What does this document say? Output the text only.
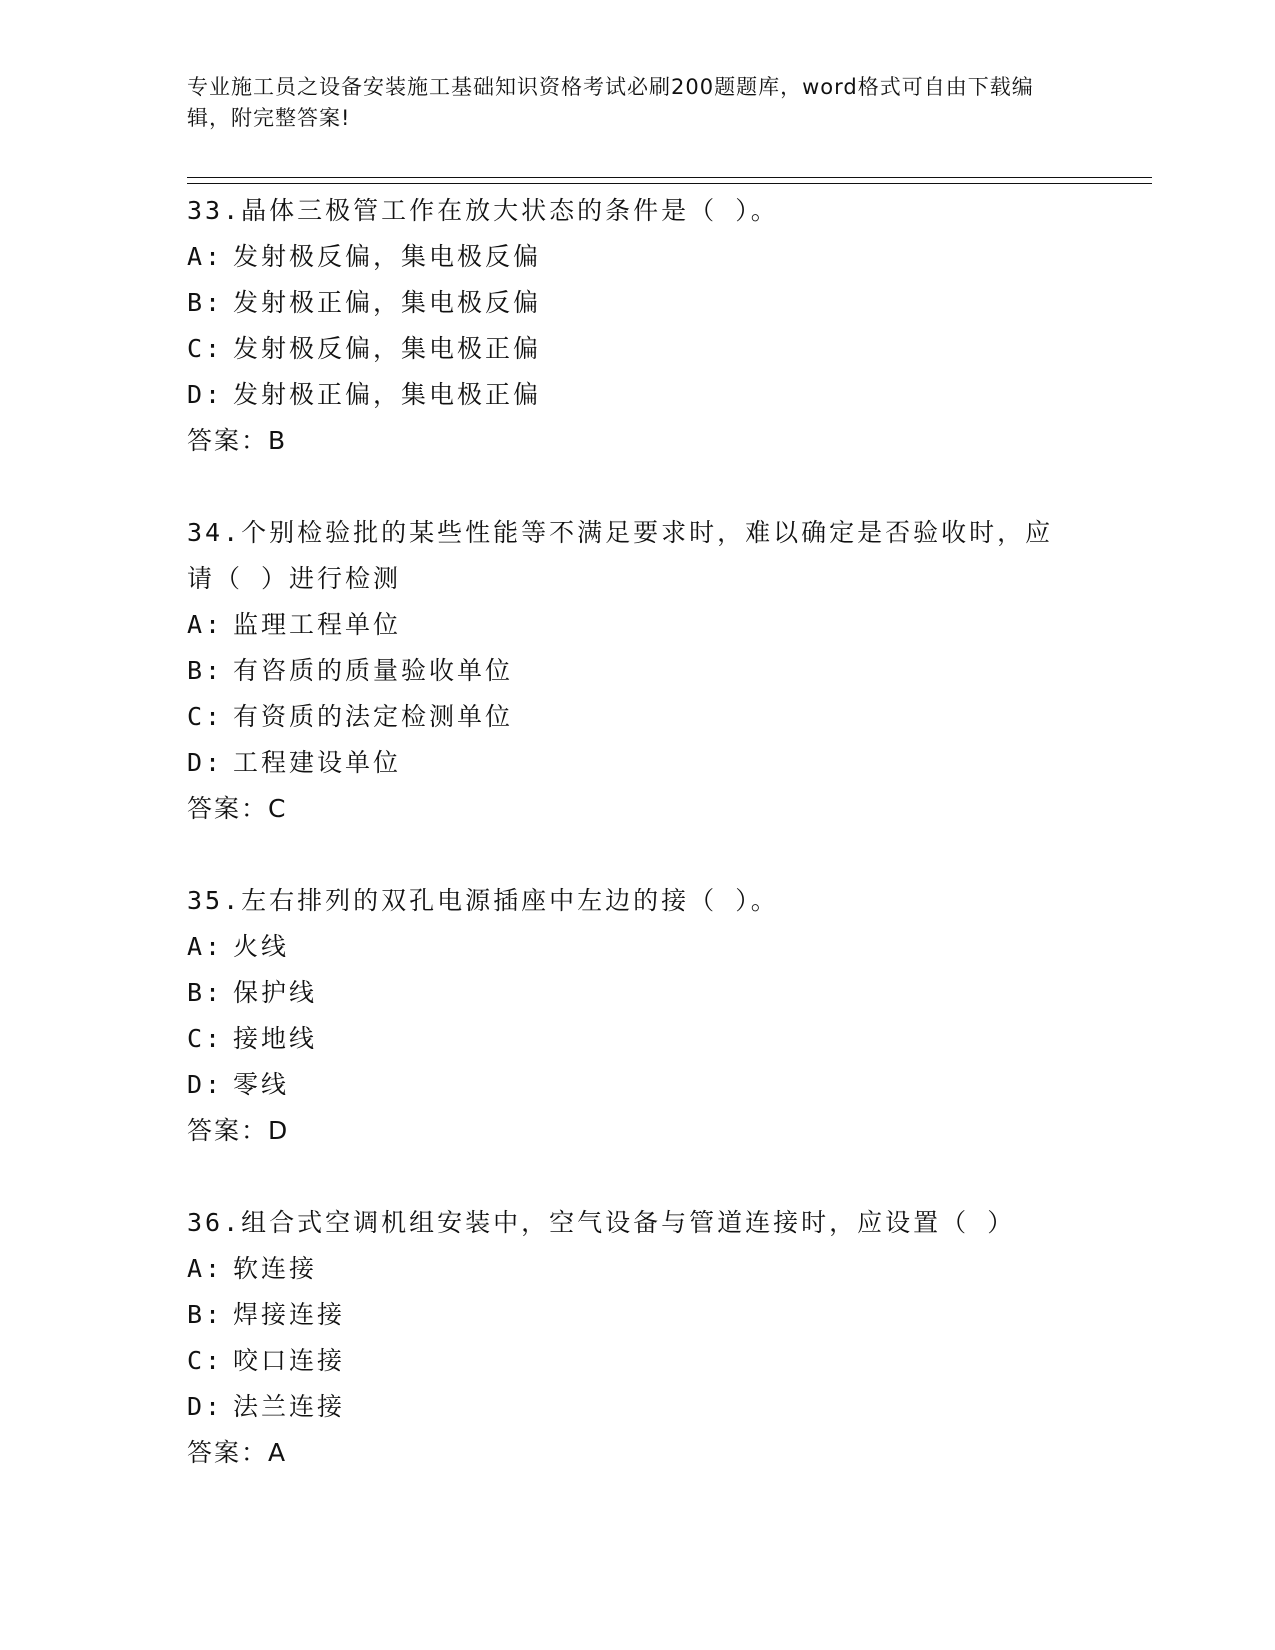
专业施工员之设备安装施工基础知识资格考试必刷200题题库，word格式可自由下载编辑，附完整答案!
33.晶体三极管工作在放大状态的条件是（ ）。
A: 发射极反偏，集电极反偏
B: 发射极正偏，集电极反偏
C: 发射极反偏，集电极正偏
D: 发射极正偏，集电极正偏
答案：B
34.个别检验批的某些性能等不满足要求时，难以确定是否验收时，应请（ ）进行检测
A: 监理工程单位
B: 有咨质的质量验收单位
C: 有资质的法定检测单位
D: 工程建设单位
答案：C
35.左右排列的双孔电源插座中左边的接（ ）。
A: 火线
B: 保护线
C: 接地线
D: 零线
答案：D
36.组合式空调机组安装中，空气设备与管道连接时，应设置（ ）
A: 软连接
B: 焊接连接
C: 咬口连接
D: 法兰连接
答案：A
